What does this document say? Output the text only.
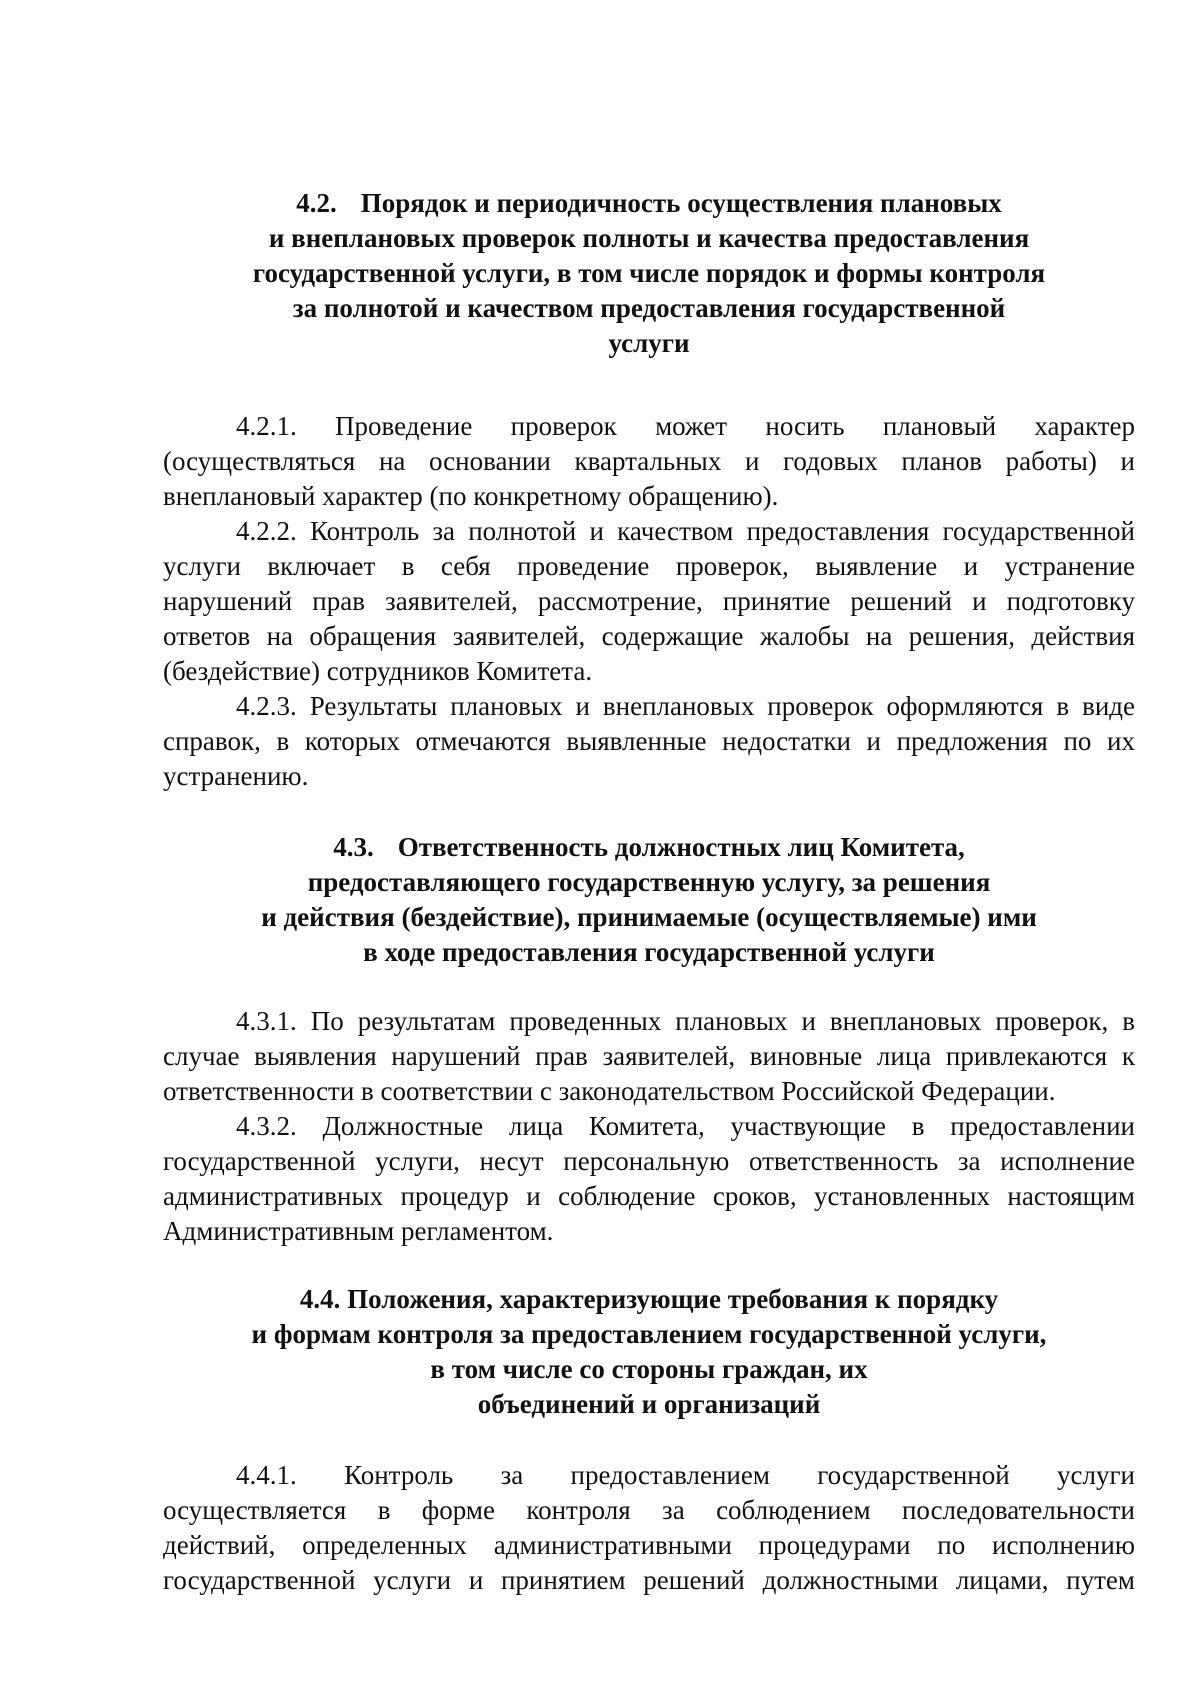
4.2. Порядок и периодичность осуществления плановых
и внеплановых проверок полноты и качества предоставления
государственной услуги, в том числе порядок и формы контроля
за полнотой и качеством предоставления государственной
услуги
4.2.1. Проведение проверок может носить плановый характер
(осуществляться на основании квартальных и годовых планов работы) и
внеплановый характер (по конкретному обращению).
4.2.2. Контроль за полнотой и качеством предоставления государственной
услуги включает в себя проведение проверок, выявление и устранение
нарушений прав заявителей, рассмотрение, принятие решений и подготовку
ответов на обращения заявителей, содержащие жалобы на решения, действия
(бездействие) сотрудников Комитета.
4.2.3. Результаты плановых и внеплановых проверок оформляются в виде
справок, в которых отмечаются выявленные недостатки и предложения по их
устранению.
4.3. Ответственность должностных лиц Комитета,
предоставляющего государственную услугу, за решения
и действия (бездействие), принимаемые (осуществляемые) ими
в ходе предоставления государственной услуги
4.3.1. По результатам проведенных плановых и внеплановых проверок, в
случае выявления нарушений прав заявителей, виновные лица привлекаются к
ответственности в соответствии с законодательством Российской Федерации.
4.3.2. Должностные лица Комитета, участвующие в предоставлении
государственной услуги, несут персональную ответственность за исполнение
административных процедур и соблюдение сроков, установленных настоящим
Административным регламентом.
4.4. Положения, характеризующие требования к порядку
и формам контроля за предоставлением государственной услуги,
в том числе со стороны граждан, их
объединений и организаций
4.4.1. Контроль за предоставлением государственной услуги
осуществляется в форме контроля за соблюдением последовательности
действий, определенных административными процедурами по исполнению
государственной услуги и принятием решений должностными лицами, путем
